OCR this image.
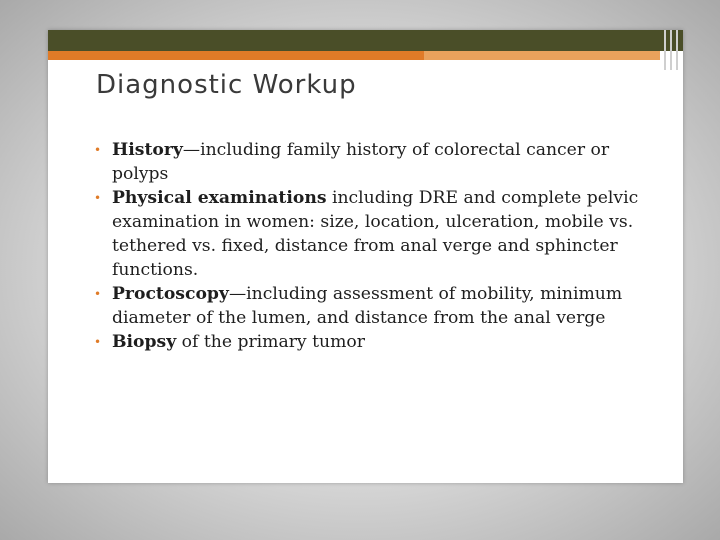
Diagnostic Workup
• History—including family history of colorectal cancer or polyps
• Physical examinations including DRE and complete pelvic examination in women: size, location, ulceration, mobile vs. tethered vs. fixed, distance from anal verge and sphincter functions.
• Proctoscopy—including assessment of mobility, minimum diameter of the lumen, and distance from the anal verge
• Biopsy of the primary tumor
